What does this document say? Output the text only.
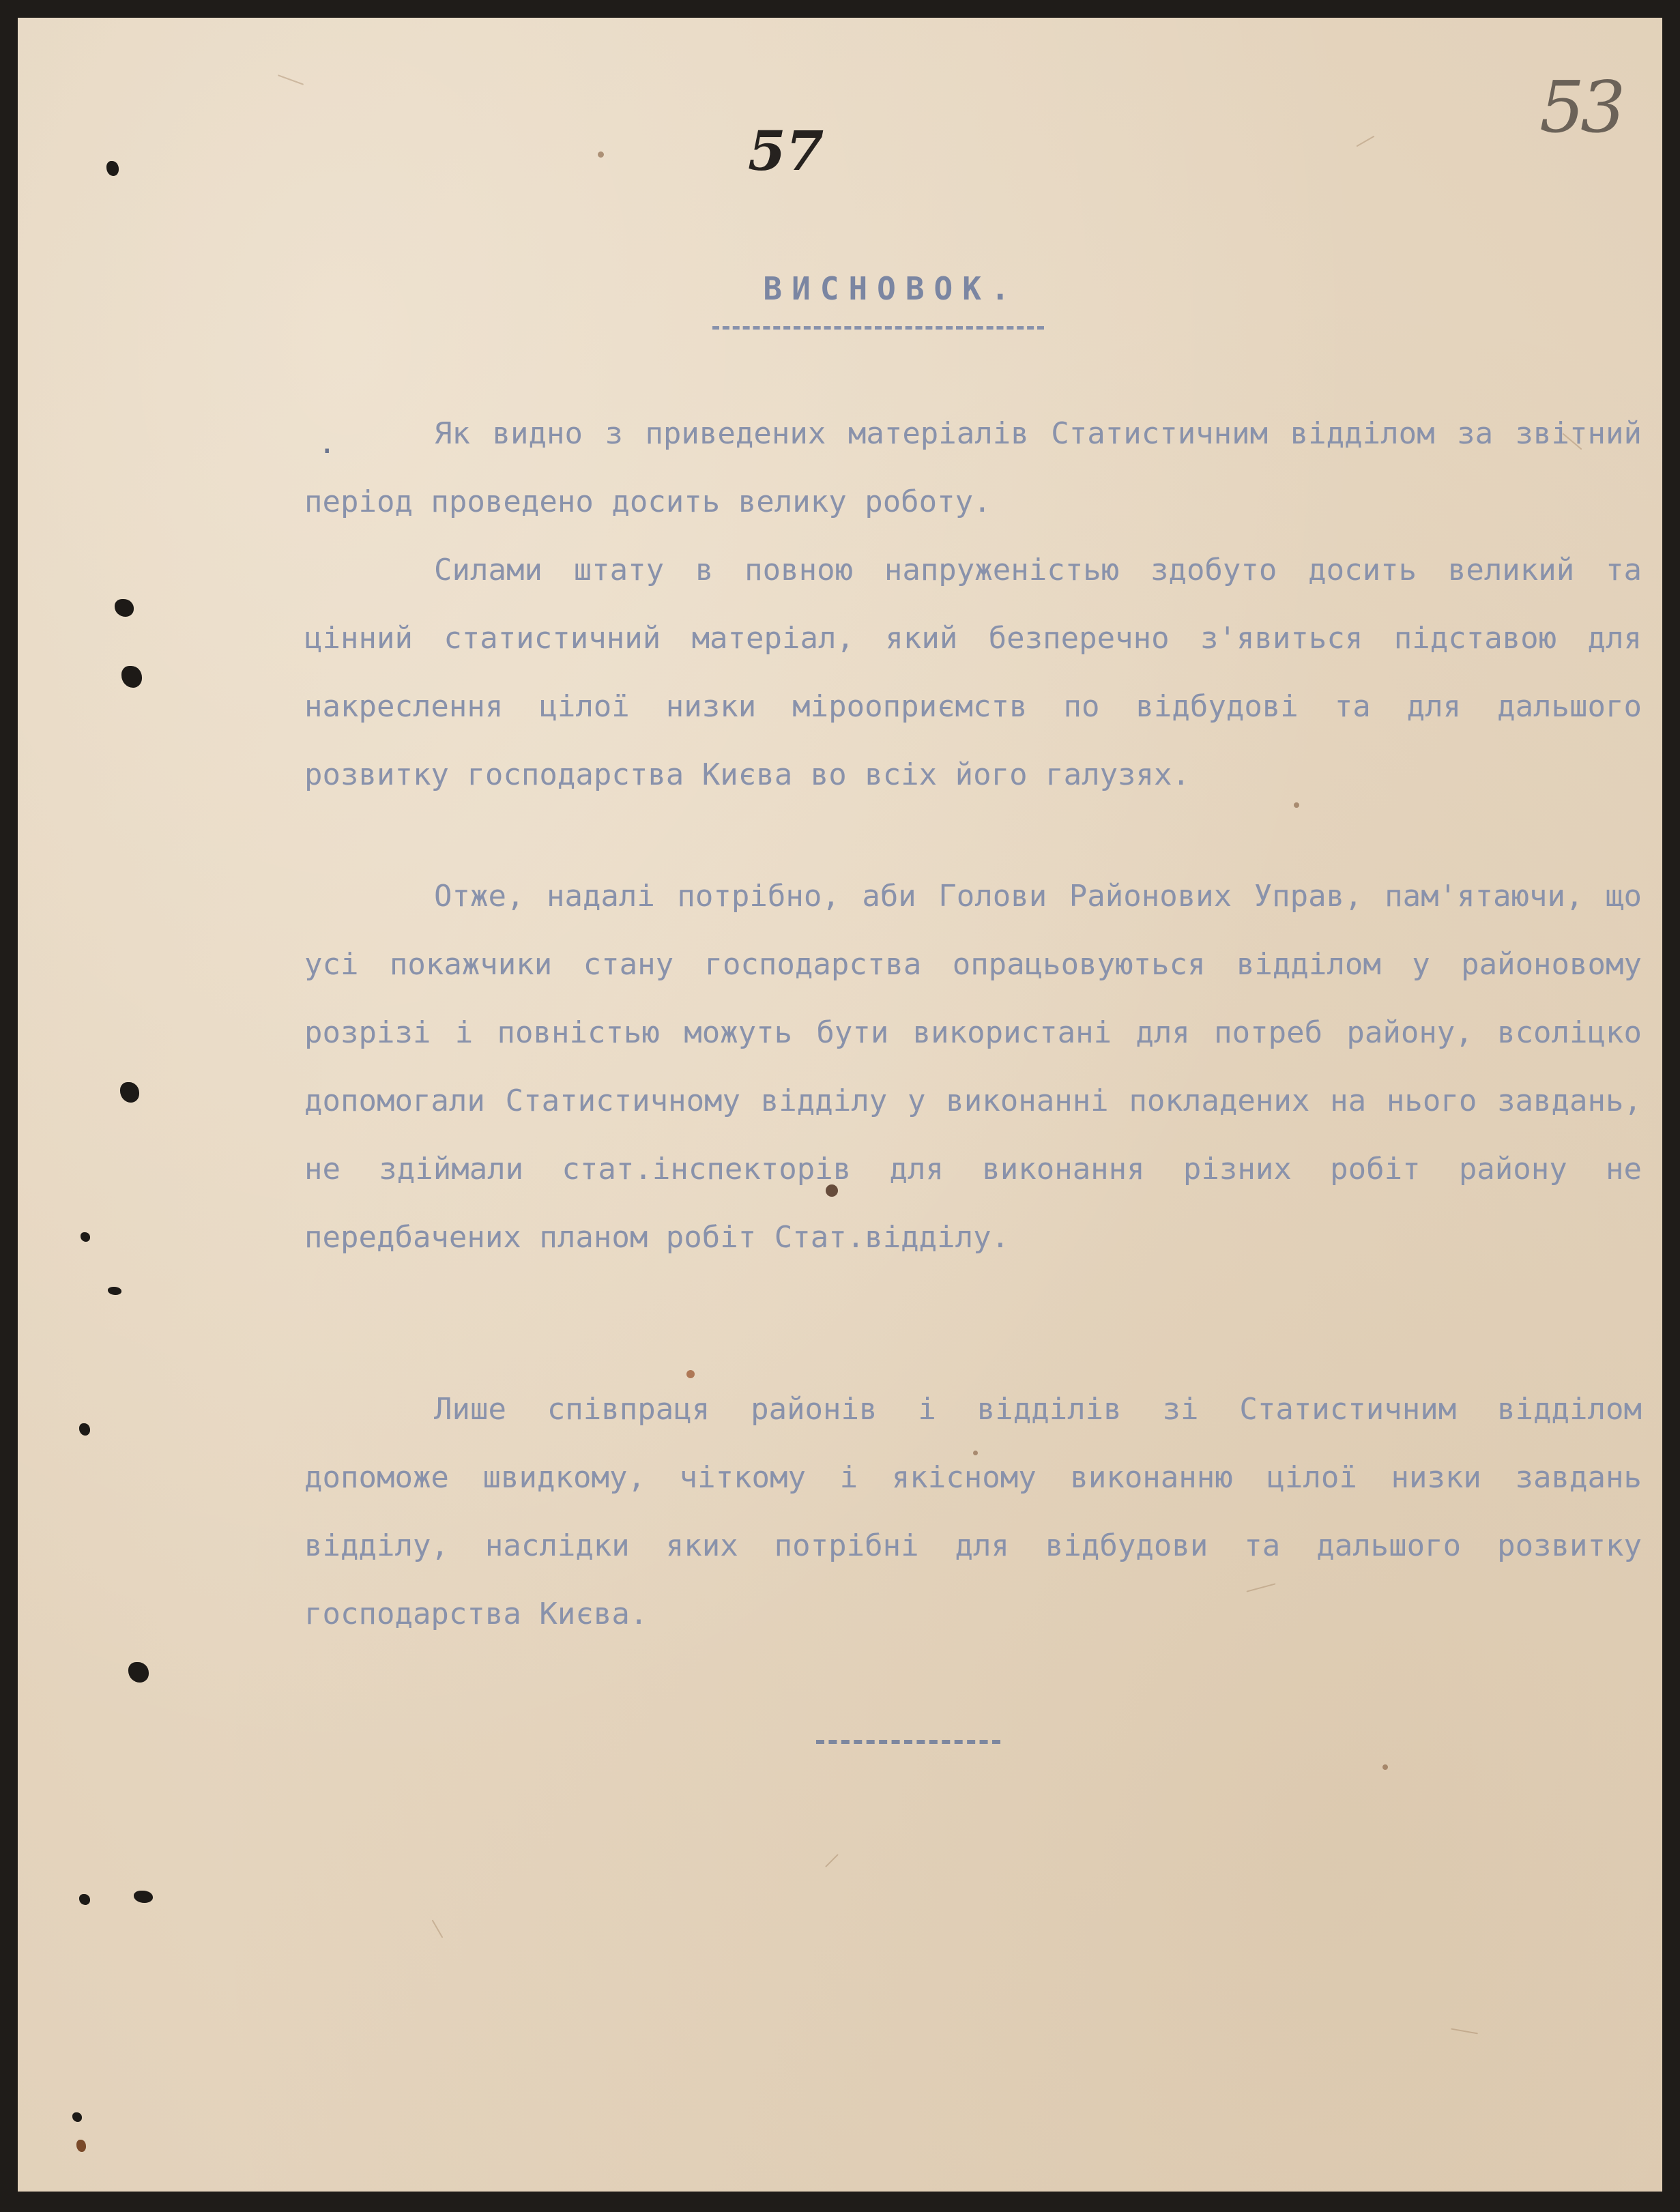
53
57
ВИСНОВОК.
.	Як видно з приведених матеріалів Статистичним відділом за звітний період проведено досить велику роботу.
Силами штату в повною напруженістью здобуто досить великий та цінний статистичний матеріал, який безперечно з'явиться підставою для накреслення цілої низки мірооприємств по відбудові та для дальшого розвитку господарства Києва во всіх його галузях.
Отже, надалі потрібно, аби Голови Районових Управ, пам'ятаючи, що усі покажчики стану господарства опрацьовуються відділом у районовому розрізі і повністью можуть бути використані для потреб району, всоліцко допомогали Статистичному відділу у виконанні покладених на нього завдань, не здіймали стат.інспекторів для виконання різних робіт району не передбачених планом робіт Стат.відділу.
Лише співпраця районів і відділів зі Статистичним відділом допоможе швидкому, чіткому і якісному виконанню цілої низки завдань відділу, наслідки яких потрібні для відбудови та дальшого розвитку господарства Києва.
